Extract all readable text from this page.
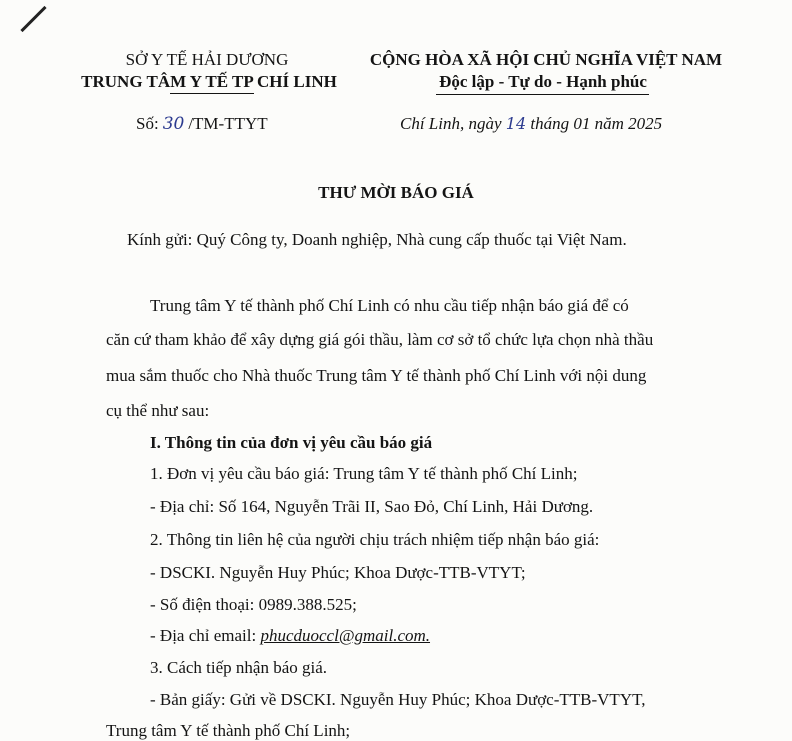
SỞ Y TẾ HẢI DƯƠNG
TRUNG TÂM Y TẾ TP CHÍ LINH
CỘNG HÒA XÃ HỘI CHỦ NGHĨA VIỆT NAM
Độc lập - Tự do - Hạnh phúc
Số: 30 /TM-TTYT	Chí Linh, ngày 14 tháng 01 năm 2025
THƯ MỜI BÁO GIÁ
Kính gửi: Quý Công ty, Doanh nghiệp, Nhà cung cấp thuốc tại Việt Nam.
Trung tâm Y tế thành phố Chí Linh có nhu cầu tiếp nhận báo giá để có
căn cứ tham khảo để xây dựng giá gói thầu, làm cơ sở tổ chức lựa chọn nhà thầu
mua sắm thuốc cho Nhà thuốc Trung tâm Y tế thành phố Chí Linh với nội dung
cụ thể như sau:
I. Thông tin của đơn vị yêu cầu báo giá
1. Đơn vị yêu cầu báo giá: Trung tâm Y tế thành phố Chí Linh;
- Địa chỉ: Số 164, Nguyễn Trãi II, Sao Đỏ, Chí Linh, Hải Dương.
2. Thông tin liên hệ của người chịu trách nhiệm tiếp nhận báo giá:
- DSCKI. Nguyễn Huy Phúc; Khoa Dược-TTB-VTYT;
- Số điện thoại: 0989.388.525;
- Địa chỉ email: phucduoccl@gmail.com.
3. Cách tiếp nhận báo giá.
- Bản giấy: Gửi về DSCKI. Nguyễn Huy Phúc; Khoa Dược-TTB-VTYT,
Trung tâm Y tế thành phố Chí Linh;
